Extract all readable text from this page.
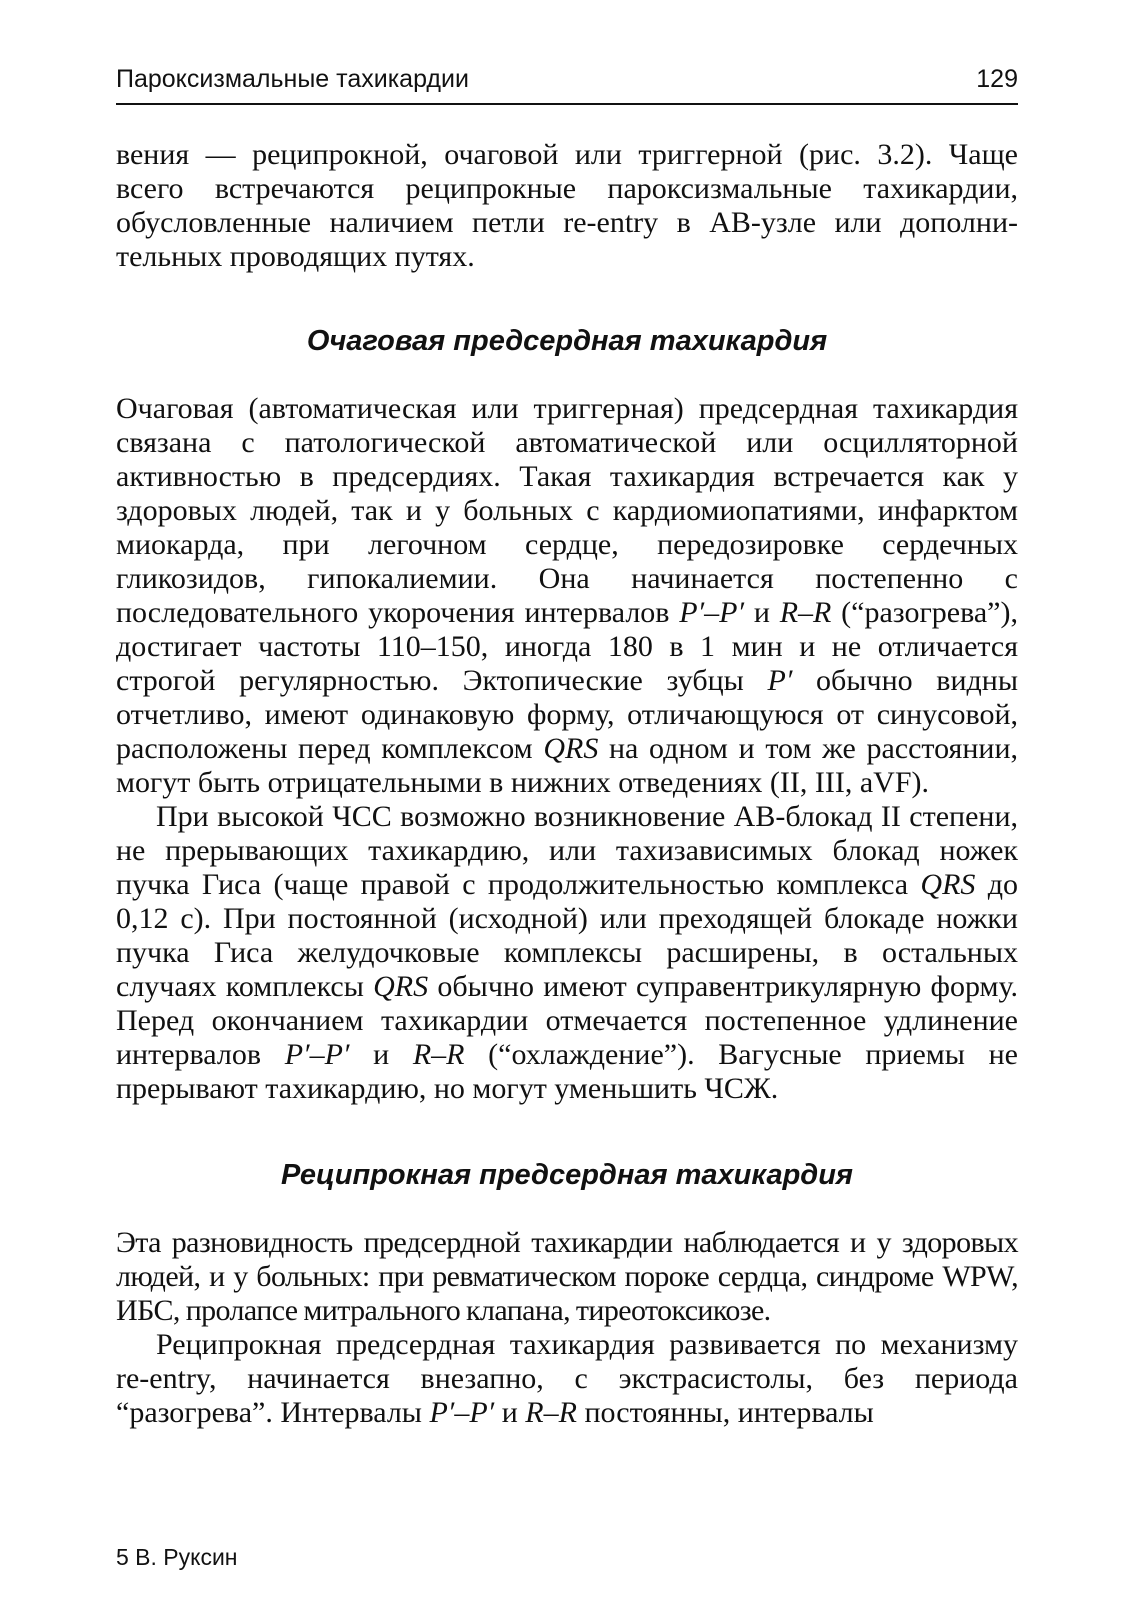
Пароксизмальные тахикардии	129

вения — реципрокной, очаговой или триггерной (рис. 3.2). Чаще всего встречаются реципрокные пароксизмальные тахикардии, обусловленные наличием петли re-entry в АВ-узле или дополнительных проводящих путях.

Очаговая предсердная тахикардия

Очаговая (автоматическая или триггерная) предсердная тахикардия связана с патологической автоматической или осцилляторной активностью в предсердиях. Такая тахикардия встречается как у здоровых людей, так и у больных с кардиомиопатиями, инфарктом миокарда, при легочном сердце, передозировке сердечных гликозидов, гипокалиемии. Она начинается постепенно с последовательного укорочения интервалов P′–P′ и R–R (“разогрева”), достигает частоты 110–150, иногда 180 в 1 мин и не отличается строгой регулярностью. Эктопические зубцы P′ обычно видны отчетливо, имеют одинаковую форму, отличающуюся от синусовой, расположены перед комплексом QRS на одном и том же расстоянии, могут быть отрицательными в нижних отведениях (II, III, aVF).

При высокой ЧСС возможно возникновение АВ-блокад II степени, не прерывающих тахикардию, или тахизависимых блокад ножек пучка Гиса (чаще правой с продолжительностью комплекса QRS до 0,12 с). При постоянной (исходной) или преходящей блокаде ножки пучка Гиса желудочковые комплексы расширены, в остальных случаях комплексы QRS обычно имеют суправентрикулярную форму. Перед окончанием тахикардии отмечается постепенное удлинение интервалов P′–P′ и R–R (“охлаждение”). Вагусные приемы не прерывают тахикардию, но могут уменьшить ЧСЖ.

Реципрокная предсердная тахикардия

Эта разновидность предсердной тахикардии наблюдается и у здоровых людей, и у больных: при ревматическом пороке сердца, синдроме WPW, ИБС, пролапсе митрального клапана, тиреотоксикозе.

Реципрокная предсердная тахикардия развивается по механизму re-entry, начинается внезапно, с экстрасистолы, без периода “разогрева”. Интервалы P′–P′ и R–R постоянны, интервалы

5 В. Руксин
